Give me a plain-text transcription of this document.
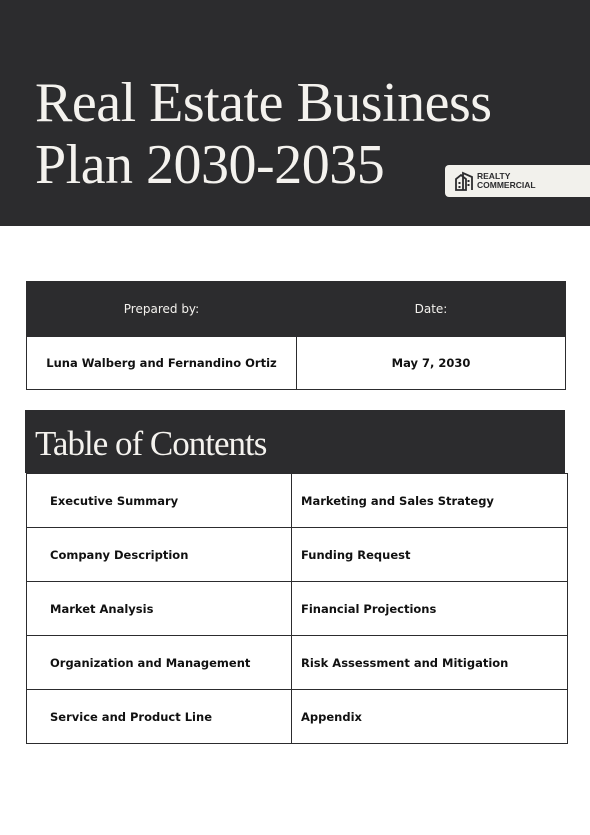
Real Estate Business Plan 2030-2035	REALTY
COMMERCIAL
Prepared by:	Date:
Luna Walberg and Fernandino Ortiz	May 7, 2030
Table of Contents
Executive Summary	Marketing and Sales Strategy
Company Description	Funding Request
Market Analysis	Financial Projections
Organization and Management	Risk Assessment and Mitigation
Service and Product Line	Appendix
